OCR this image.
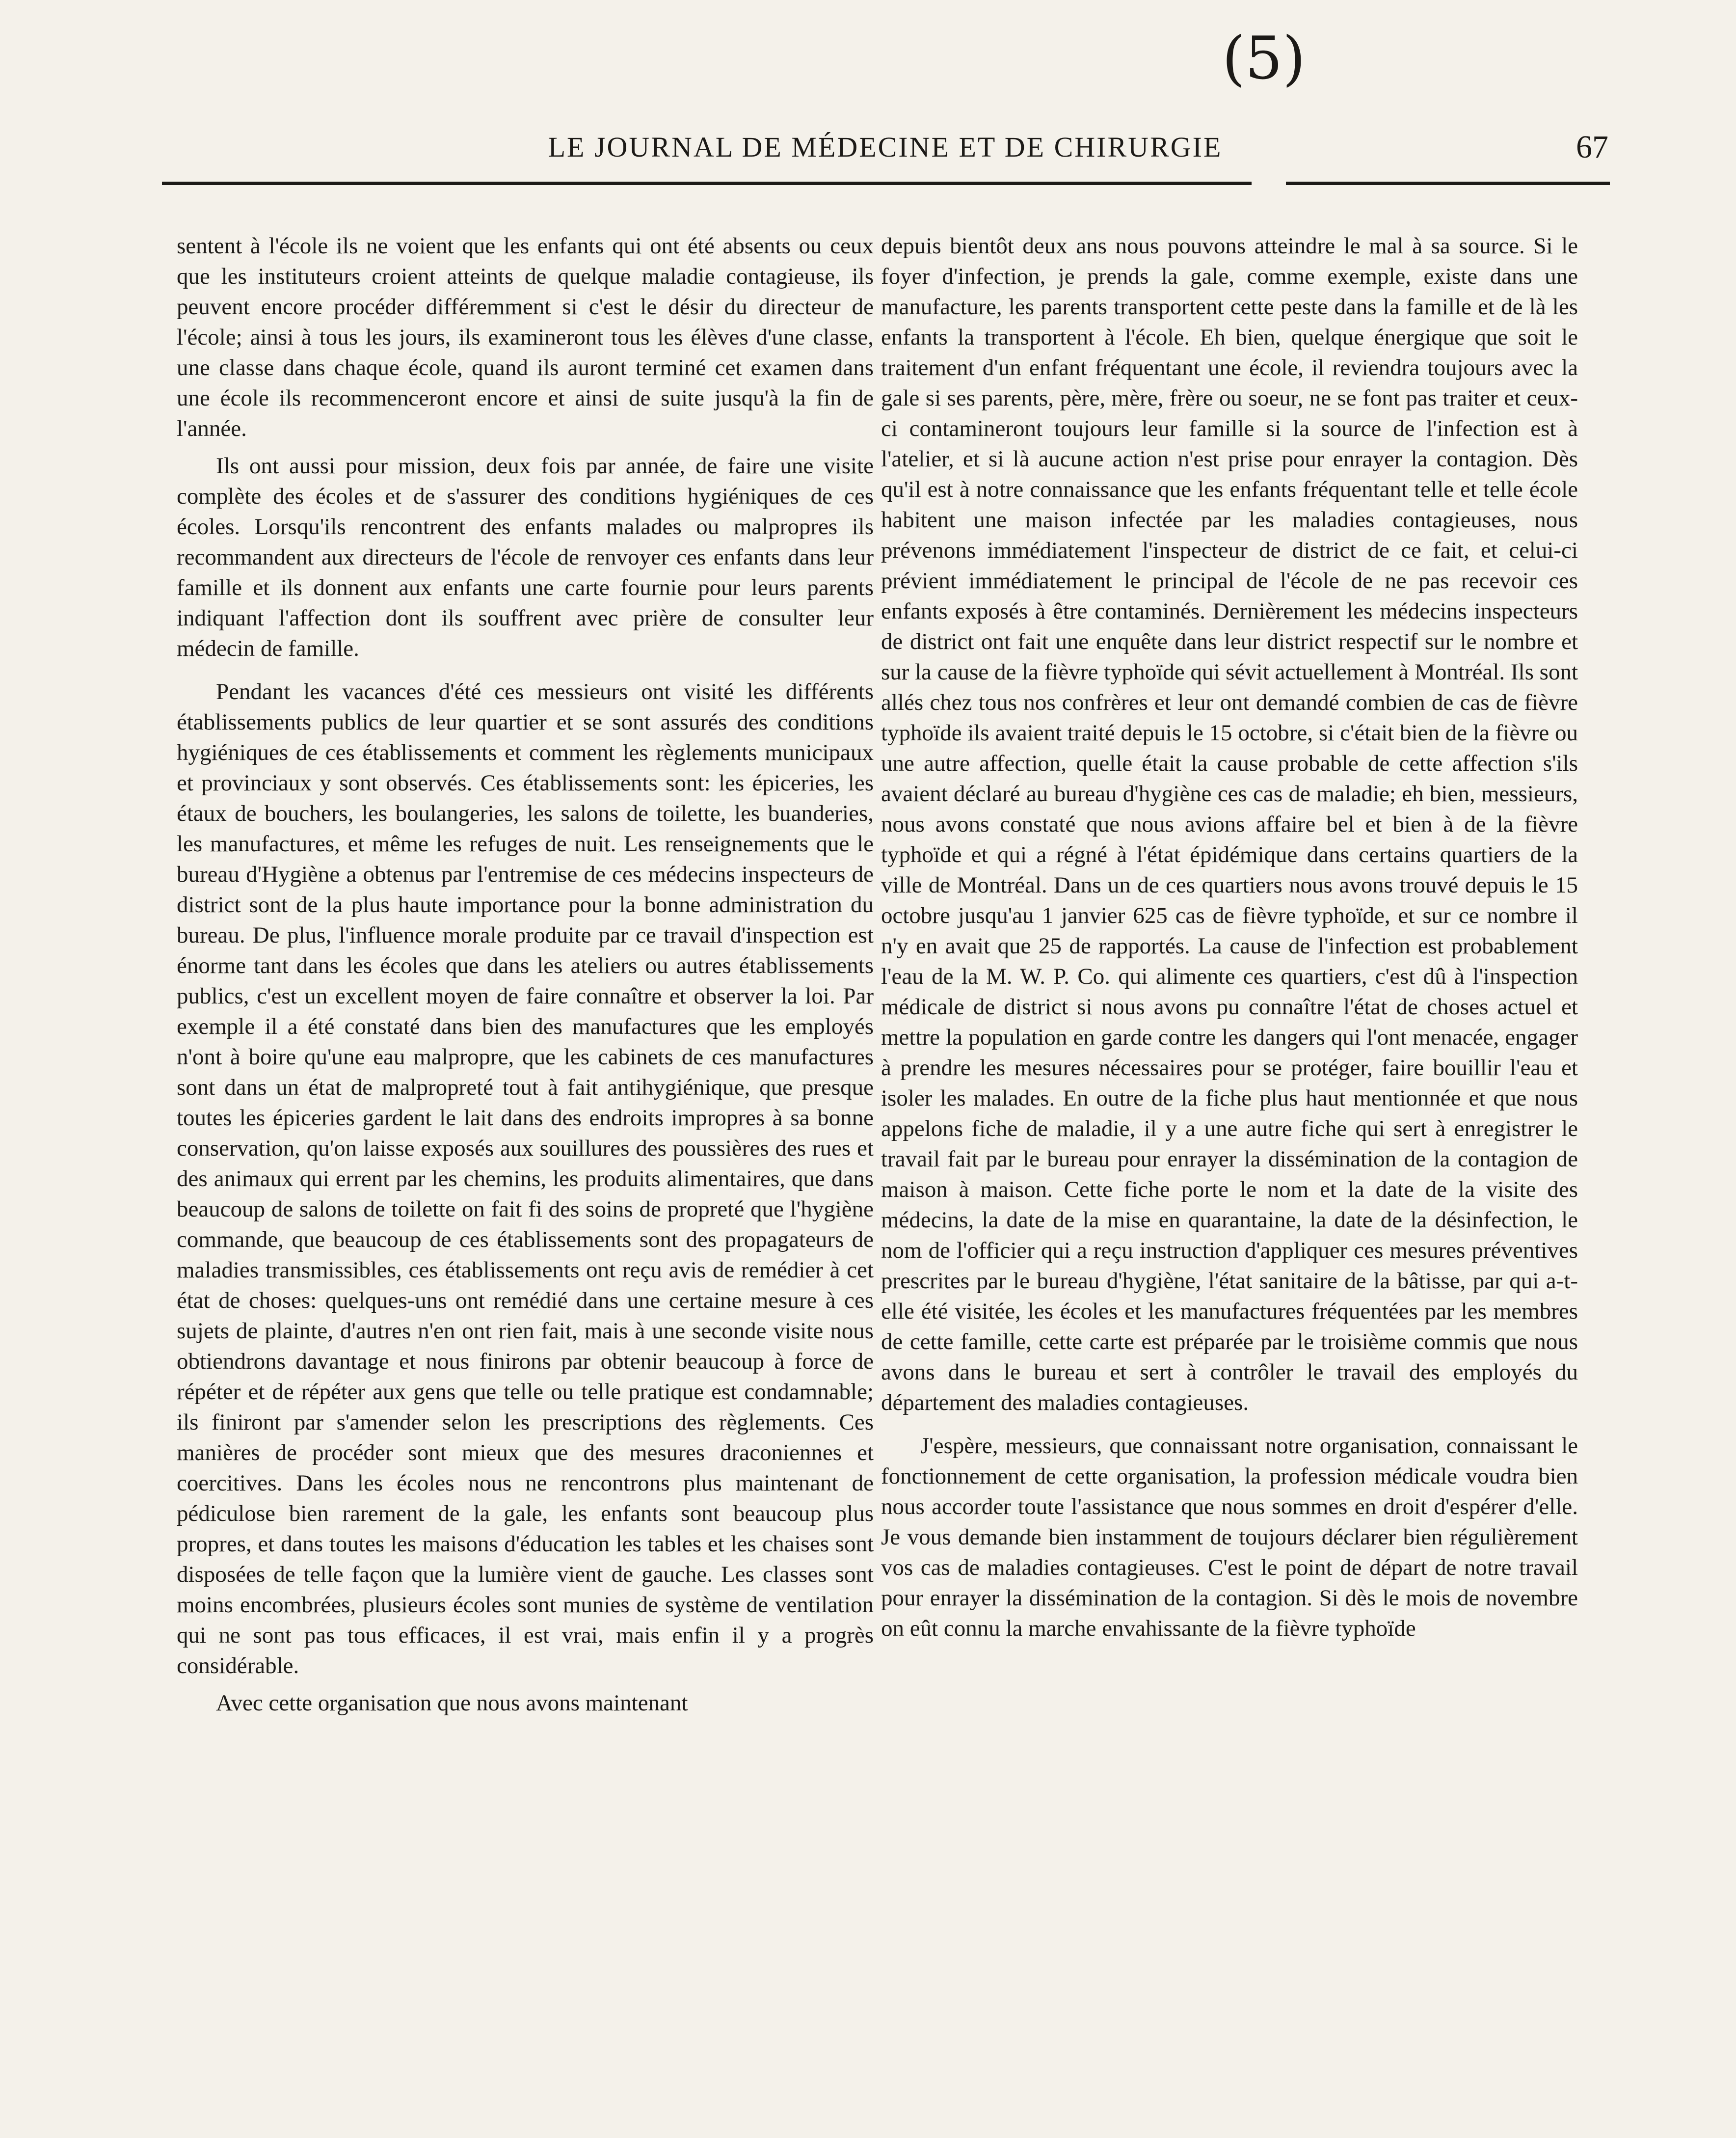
(5)
LE JOURNAL DE MÉDECINE ET DE CHIRURGIE	67

sentent à l'école ils ne voient que les enfants qui ont été absents ou ceux que les instituteurs croient atteints de quelque maladie contagieuse, ils peuvent encore procéder différemment si c'est le désir du directeur de l'école; ainsi à tous les jours, ils examineront tous les élèves d'une classe, une classe dans chaque école, quand ils auront terminé cet examen dans une école ils recommenceront encore et ainsi de suite jusqu'à la fin de l'année.

Ils ont aussi pour mission, deux fois par année, de faire une visite complète des écoles et de s'assurer des conditions hygiéniques de ces écoles. Lorsqu'ils rencontrent des enfants malades ou malpropres ils recommandent aux directeurs de l'école de renvoyer ces enfants dans leur famille et ils donnent aux enfants une carte fournie pour leurs parents indiquant l'affection dont ils souffrent avec prière de consulter leur médecin de famille.

Pendant les vacances d'été ces messieurs ont visité les différents établissements publics de leur quartier et se sont assurés des conditions hygiéniques de ces établissements et comment les règlements municipaux et provinciaux y sont observés. Ces établissements sont: les épiceries, les étaux de bouchers, les boulangeries, les salons de toilette, les buanderies, les manufactures, et même les refuges de nuit. Les renseignements que le bureau d'Hygiène a obtenus par l'entremise de ces médecins inspecteurs de district sont de la plus haute importance pour la bonne administration du bureau. De plus, l'influence morale produite par ce travail d'inspection est énorme tant dans les écoles que dans les ateliers ou autres établissements publics, c'est un excellent moyen de faire connaître et observer la loi. Par exemple il a été constaté dans bien des manufactures que les employés n'ont à boire qu'une eau malpropre, que les cabinets de ces manufactures sont dans un état de malpropreté tout à fait antihygiénique, que presque toutes les épiceries gardent le lait dans des endroits impropres à sa bonne conservation, qu'on laisse exposés aux souillures des poussières des rues et des animaux qui errent par les chemins, les produits alimentaires, que dans beaucoup de salons de toilette on fait fi des soins de propreté que l'hygiène commande, que beaucoup de ces établissements sont des propagateurs de maladies transmissibles, ces établissements ont reçu avis de remédier à cet état de choses: quelques-uns ont remédié dans une certaine mesure à ces sujets de plainte, d'autres n'en ont rien fait, mais à une seconde visite nous obtiendrons davantage et nous finirons par obtenir beaucoup à force de répéter et de répéter aux gens que telle ou telle pratique est condamnable; ils finiront par s'amender selon les prescriptions des règlements. Ces manières de procéder sont mieux que des mesures draconiennes et coercitives. Dans les écoles nous ne rencontrons plus maintenant de pédiculose bien rarement de la gale, les enfants sont beaucoup plus propres, et dans toutes les maisons d'éducation les tables et les chaises sont disposées de telle façon que la lumière vient de gauche. Les classes sont moins encombrées, plusieurs écoles sont munies de système de ventilation qui ne sont pas tous efficaces, il est vrai, mais enfin il y a progrès considérable.

Avec cette organisation que nous avons maintenant

depuis bientôt deux ans nous pouvons atteindre le mal à sa source. Si le foyer d'infection, je prends la gale, comme exemple, existe dans une manufacture, les parents transportent cette peste dans la famille et de là les enfants la transportent à l'école. Eh bien, quelque énergique que soit le traitement d'un enfant fréquentant une école, il reviendra toujours avec la gale si ses parents, père, mère, frère ou soeur, ne se font pas traiter et ceux-ci contamineront toujours leur famille si la source de l'infection est à l'atelier, et si là aucune action n'est prise pour enrayer la contagion. Dès qu'il est à notre connaissance que les enfants fréquentant telle et telle école habitent une maison infectée par les maladies contagieuses, nous prévenons immédiatement l'inspecteur de district de ce fait, et celui-ci prévient immédiatement le principal de l'école de ne pas recevoir ces enfants exposés à être contaminés. Dernièrement les médecins inspecteurs de district ont fait une enquête dans leur district respectif sur le nombre et sur la cause de la fièvre typhoïde qui sévit actuellement à Montréal. Ils sont allés chez tous nos confrères et leur ont demandé combien de cas de fièvre typhoïde ils avaient traité depuis le 15 octobre, si c'était bien de la fièvre ou une autre affection, quelle était la cause probable de cette affection s'ils avaient déclaré au bureau d'hygiène ces cas de maladie; eh bien, messieurs, nous avons constaté que nous avions affaire bel et bien à de la fièvre typhoïde et qui a régné à l'état épidémique dans certains quartiers de la ville de Montréal. Dans un de ces quartiers nous avons trouvé depuis le 15 octobre jusqu'au 1 janvier 625 cas de fièvre typhoïde, et sur ce nombre il n'y en avait que 25 de rapportés. La cause de l'infection est probablement l'eau de la M. W. P. Co. qui alimente ces quartiers, c'est dû à l'inspection médicale de district si nous avons pu connaître l'état de choses actuel et mettre la population en garde contre les dangers qui l'ont menacée, engager à prendre les mesures nécessaires pour se protéger, faire bouillir l'eau et isoler les malades. En outre de la fiche plus haut mentionnée et que nous appelons fiche de maladie, il y a une autre fiche qui sert à enregistrer le travail fait par le bureau pour enrayer la dissémination de la contagion de maison à maison. Cette fiche porte le nom et la date de la visite des médecins, la date de la mise en quarantaine, la date de la désinfection, le nom de l'officier qui a reçu instruction d'appliquer ces mesures préventives prescrites par le bureau d'hygiène, l'état sanitaire de la bâtisse, par qui a-t-elle été visitée, les écoles et les manufactures fréquentées par les membres de cette famille, cette carte est préparée par le troisième commis que nous avons dans le bureau et sert à contrôler le travail des employés du département des maladies contagieuses.

J'espère, messieurs, que connaissant notre organisation, connaissant le fonctionnement de cette organisation, la profession médicale voudra bien nous accorder toute l'assistance que nous sommes en droit d'espérer d'elle. Je vous demande bien instamment de toujours déclarer bien régulièrement vos cas de maladies contagieuses. C'est le point de départ de notre travail pour enrayer la dissémination de la contagion. Si dès le mois de novembre on eût connu la marche envahissante de la fièvre typhoïde
